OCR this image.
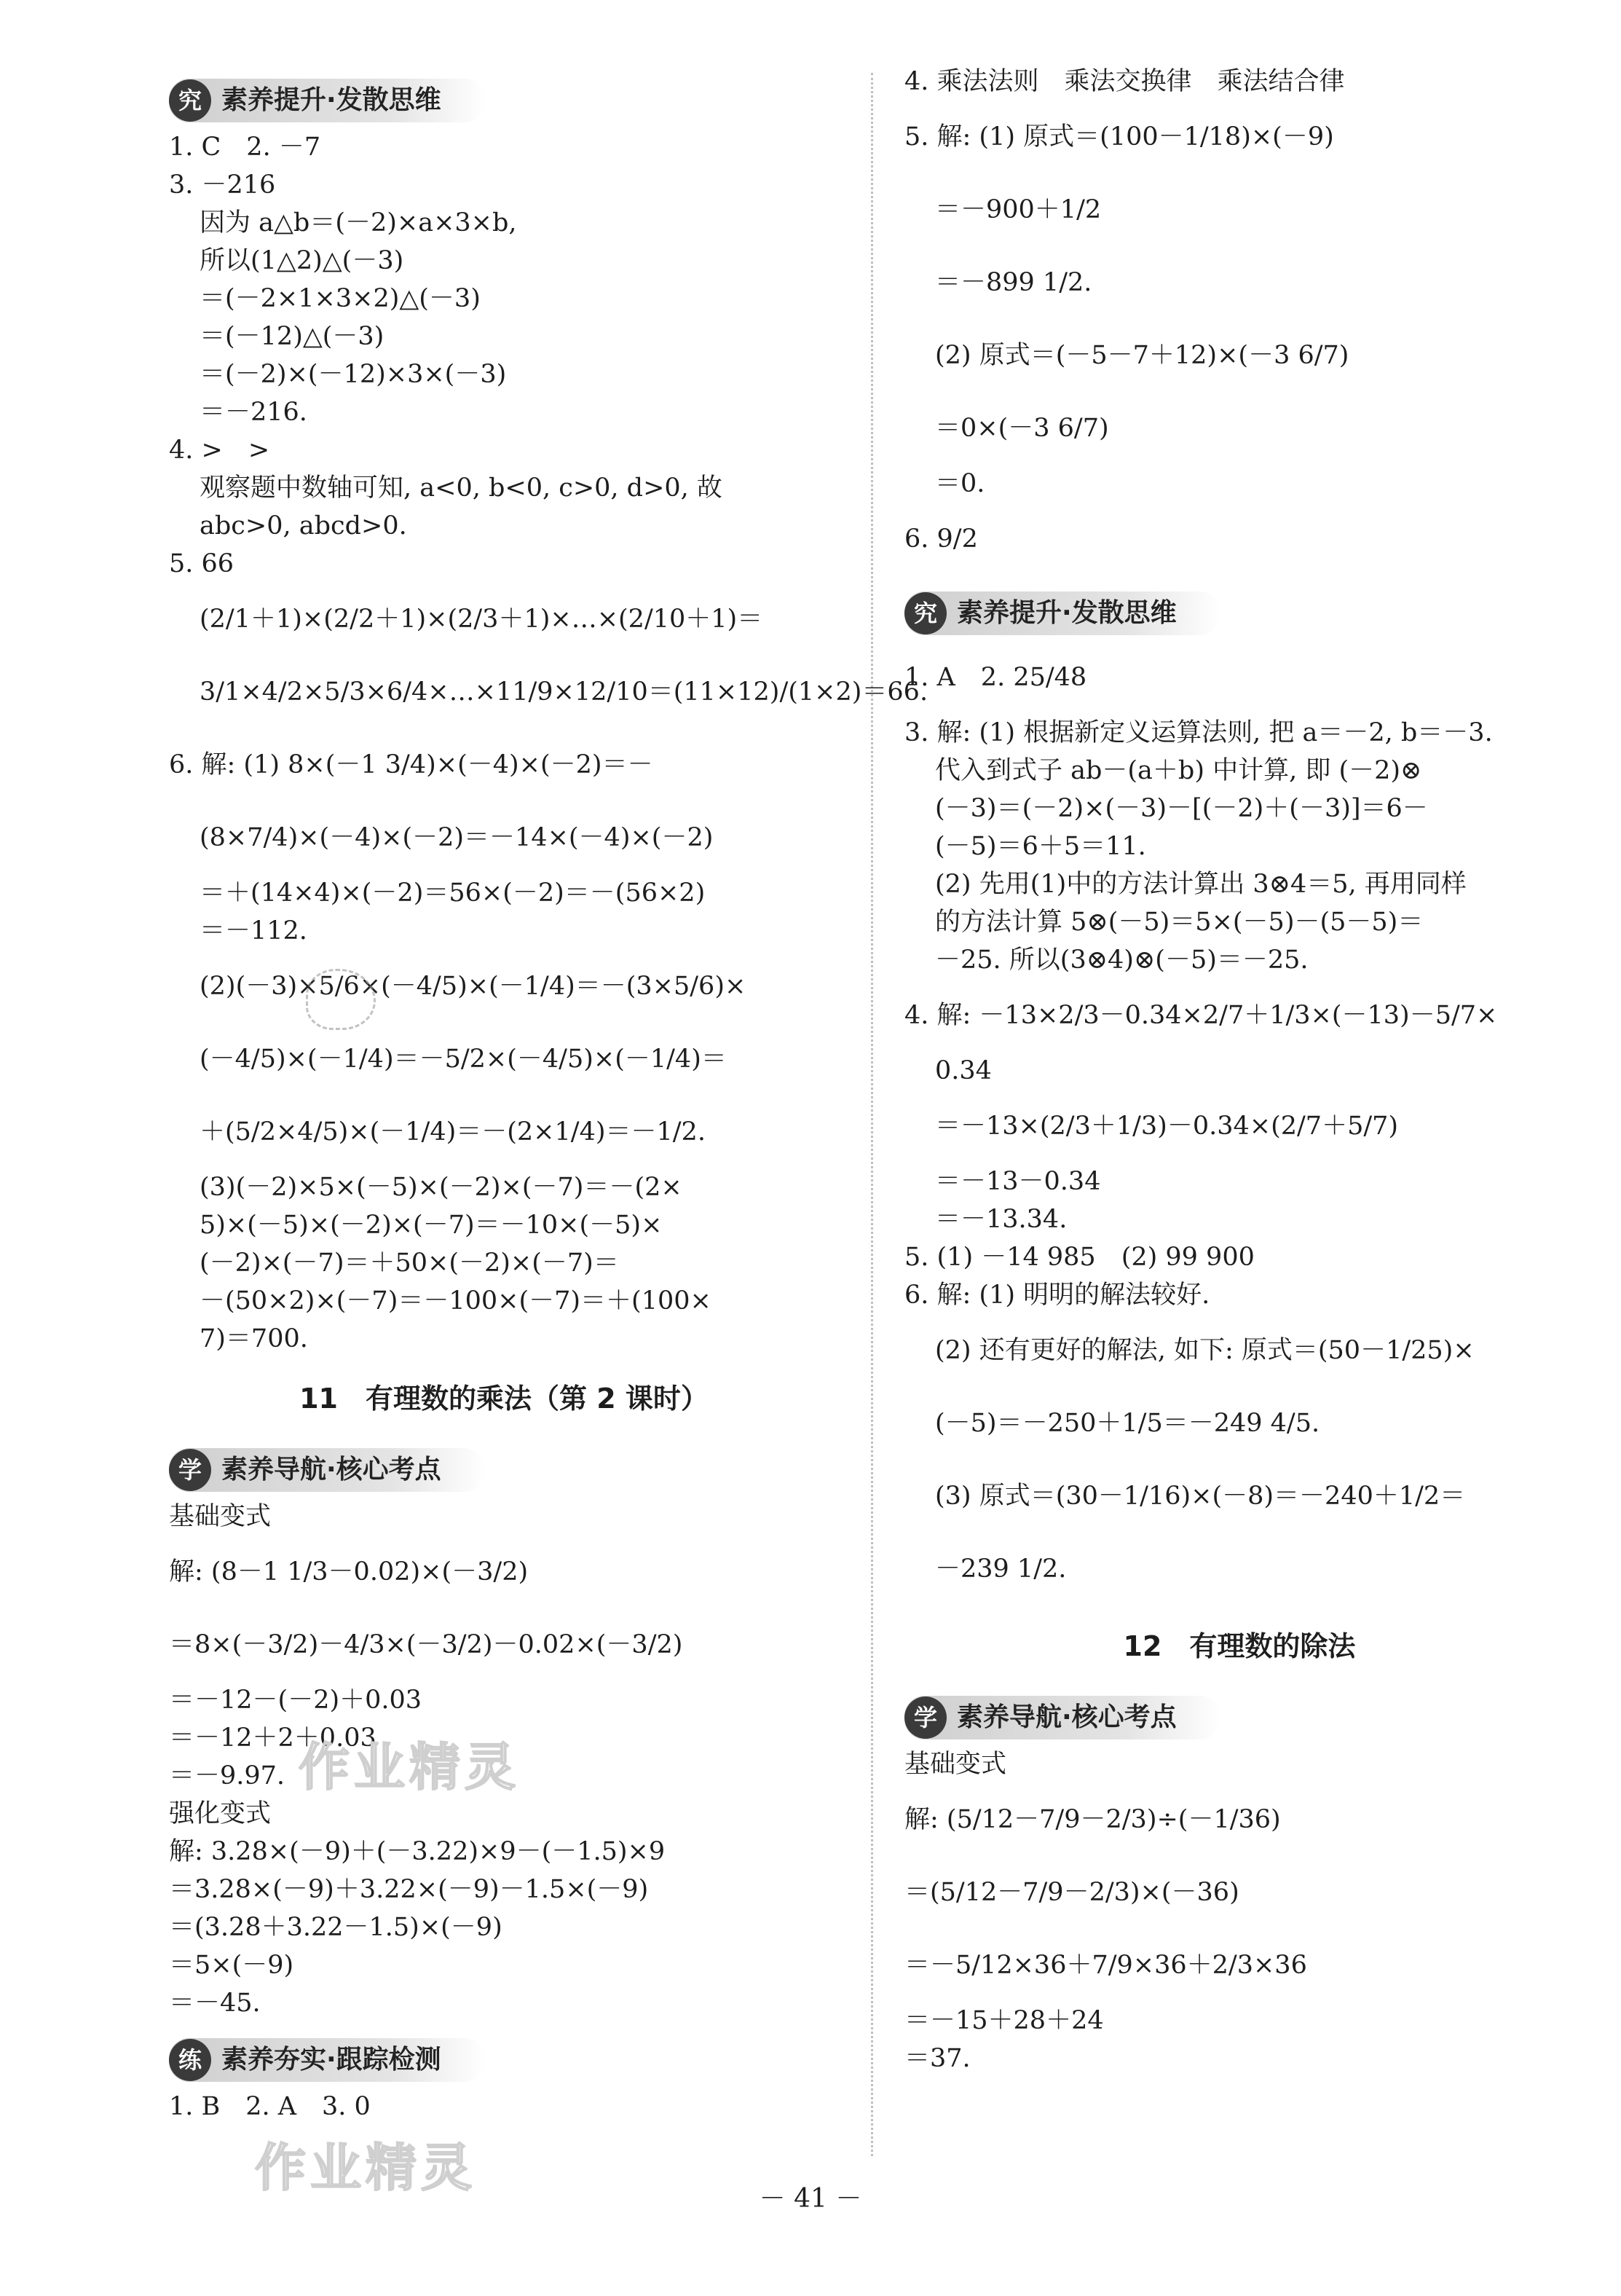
究 素养提升·发散思维
1. C　2. －7
3. －216
因为 a△b＝(－2)×a×3×b,
所以(1△2)△(－3)
＝(－2×1×3×2)△(－3)
＝(－12)△(－3)
＝(－2)×(－12)×3×(－3)
＝－216.
4. >　>
观察题中数轴可知, a<0, b<0, c>0, d>0, 故
abc>0, abcd>0.
5. 66
(2/1＋1)×(2/2＋1)×(2/3＋1)×…×(2/10＋1)＝
3/1×4/2×5/3×6/4×…×11/9×12/10＝(11×12)/(1×2)＝66.
6. 解: (1) 8×(－1 3/4)×(－4)×(－2)＝－
(8×7/4)×(－4)×(－2)＝－14×(－4)×(－2)
＝＋(14×4)×(－2)＝56×(－2)＝－(56×2)
＝－112.
(2)(－3)×5/6×(－4/5)×(－1/4)＝－(3×5/6)×
(－4/5)×(－1/4)＝－5/2×(－4/5)×(－1/4)＝
＋(5/2×4/5)×(－1/4)＝－(2×1/4)＝－1/2.
(3)(－2)×5×(－5)×(－2)×(－7)＝－(2×
5)×(－5)×(－2)×(－7)＝－10×(－5)×
(－2)×(－7)＝＋50×(－2)×(－7)＝
－(50×2)×(－7)＝－100×(－7)＝＋(100×
7)＝700.
11　有理数的乘法（第 2 课时）
学 素养导航·核心考点
基础变式
解: (8－1 1/3－0.02)×(－3/2)
＝8×(－3/2)－4/3×(－3/2)－0.02×(－3/2)
＝－12－(－2)＋0.03
＝－12＋2＋0.03
＝－9.97.
强化变式
解: 3.28×(－9)＋(－3.22)×9－(－1.5)×9
＝3.28×(－9)＋3.22×(－9)－1.5×(－9)
＝(3.28＋3.22－1.5)×(－9)
＝5×(－9)
＝－45.
练 素养夯实·跟踪检测
1. B　2. A　3. 0
4. 乘法法则　乘法交换律　乘法结合律
5. 解: (1) 原式＝(100－1/18)×(－9)
＝－900＋1/2
＝－899 1/2.
(2) 原式＝(－5－7＋12)×(－3 6/7)
＝0×(－3 6/7)
＝0.
6. 9/2
究 素养提升·发散思维
1. A　2. 25/48
3. 解: (1) 根据新定义运算法则, 把 a＝－2, b＝－3.
代入到式子 ab－(a＋b) 中计算, 即 (－2)⊗
(－3)＝(－2)×(－3)－[(－2)＋(－3)]＝6－
(－5)＝6＋5＝11.
(2) 先用(1)中的方法计算出 3⊗4＝5, 再用同样
的方法计算 5⊗(－5)＝5×(－5)－(5－5)＝
－25. 所以(3⊗4)⊗(－5)＝－25.
4. 解: －13×2/3－0.34×2/7＋1/3×(－13)－5/7×
0.34
＝－13×(2/3＋1/3)－0.34×(2/7＋5/7)
＝－13－0.34
＝－13.34.
5. (1) －14 985　(2) 99 900
6. 解: (1) 明明的解法较好.
(2) 还有更好的解法, 如下: 原式＝(50－1/25)×
(－5)＝－250＋1/5＝－249 4/5.
(3) 原式＝(30－1/16)×(－8)＝－240＋1/2＝
－239 1/2.
12　有理数的除法
学 素养导航·核心考点
基础变式
解: (5/12－7/9－2/3)÷(－1/36)
＝(5/12－7/9－2/3)×(－36)
＝－5/12×36＋7/9×36＋2/3×36
＝－15＋28＋24
＝37.
作业精灵
作业精灵
－ 41 －
